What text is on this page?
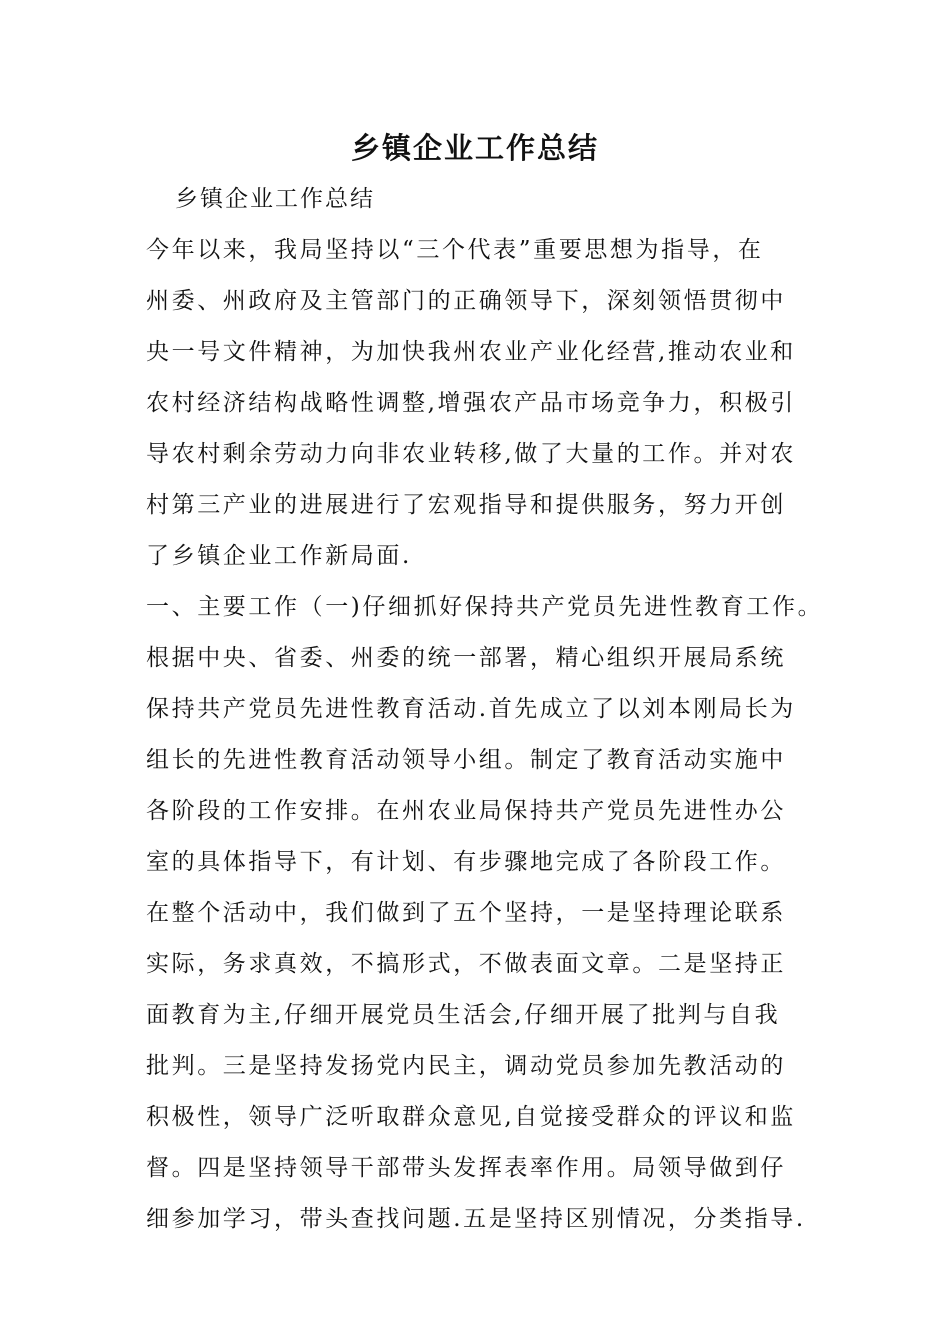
乡镇企业工作总结
乡镇企业工作总结
今年以来，我局坚持以“三个代表”重要思想为指导，在
州委、州政府及主管部门的正确领导下，深刻领悟贯彻中
央一号文件精神，为加快我州农业产业化经营,推动农业和
农村经济结构战略性调整,增强农产品市场竞争力，积极引
导农村剩余劳动力向非农业转移,做了大量的工作。并对农
村第三产业的进展进行了宏观指导和提供服务，努力开创
了乡镇企业工作新局面.
一、主要工作（一)仔细抓好保持共产党员先进性教育工作。
根据中央、省委、州委的统一部署，精心组织开展局系统
保持共产党员先进性教育活动.首先成立了以刘本刚局长为
组长的先进性教育活动领导小组。制定了教育活动实施中
各阶段的工作安排。在州农业局保持共产党员先进性办公
室的具体指导下，有计划、有步骤地完成了各阶段工作。
在整个活动中，我们做到了五个坚持，一是坚持理论联系
实际，务求真效，不搞形式，不做表面文章。二是坚持正
面教育为主,仔细开展党员生活会,仔细开展了批判与自我
批判。三是坚持发扬党内民主，调动党员参加先教活动的
积极性，领导广泛听取群众意见,自觉接受群众的评议和监
督。四是坚持领导干部带头发挥表率作用。局领导做到仔
细参加学习，带头查找问题.五是坚持区别情况，分类指导.
